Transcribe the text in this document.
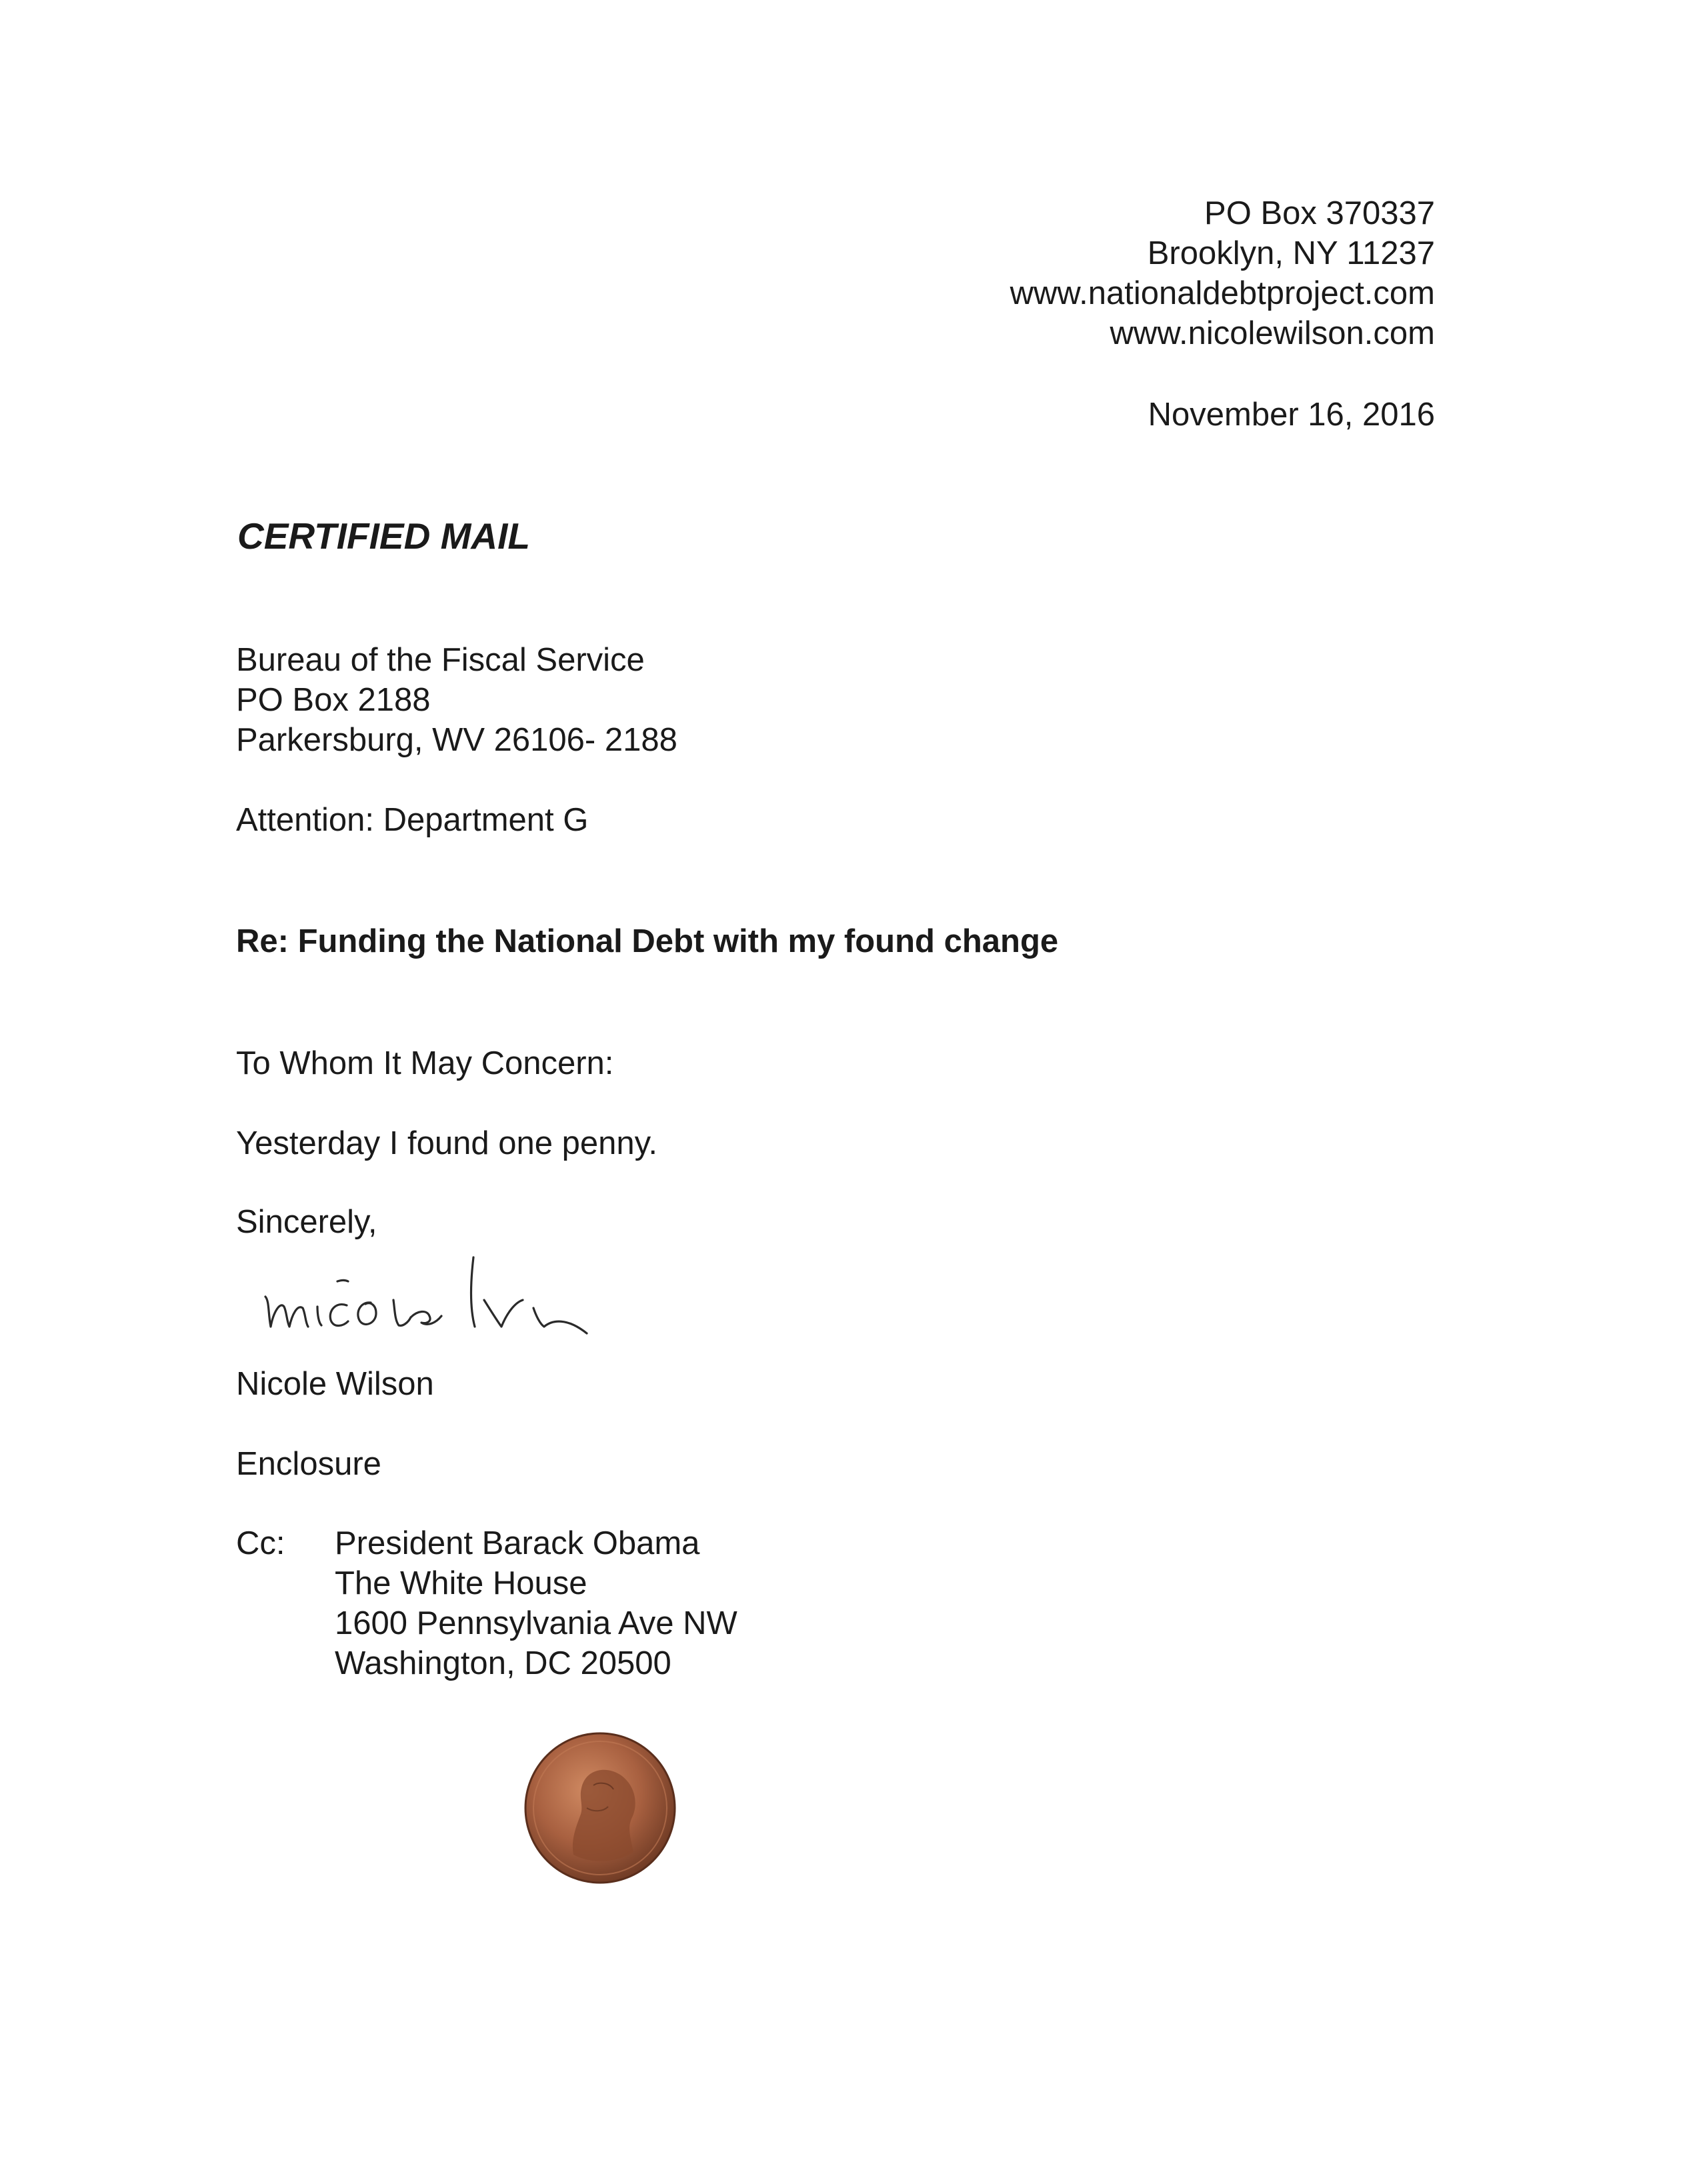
PO Box 370337
Brooklyn, NY 11237
www.nationaldebtproject.com
www.nicolewilson.com
November 16, 2016
CERTIFIED MAIL
Bureau of the Fiscal Service
PO Box 2188
Parkersburg, WV 26106- 2188
Attention: Department G
Re: Funding the National Debt with my found change
To Whom It May Concern:
Yesterday I found one penny.
Sincerely,
Nicole Wilson
Enclosure
Cc: President Barack Obama
The White House
1600 Pennsylvania Ave NW
Washington, DC 20500
